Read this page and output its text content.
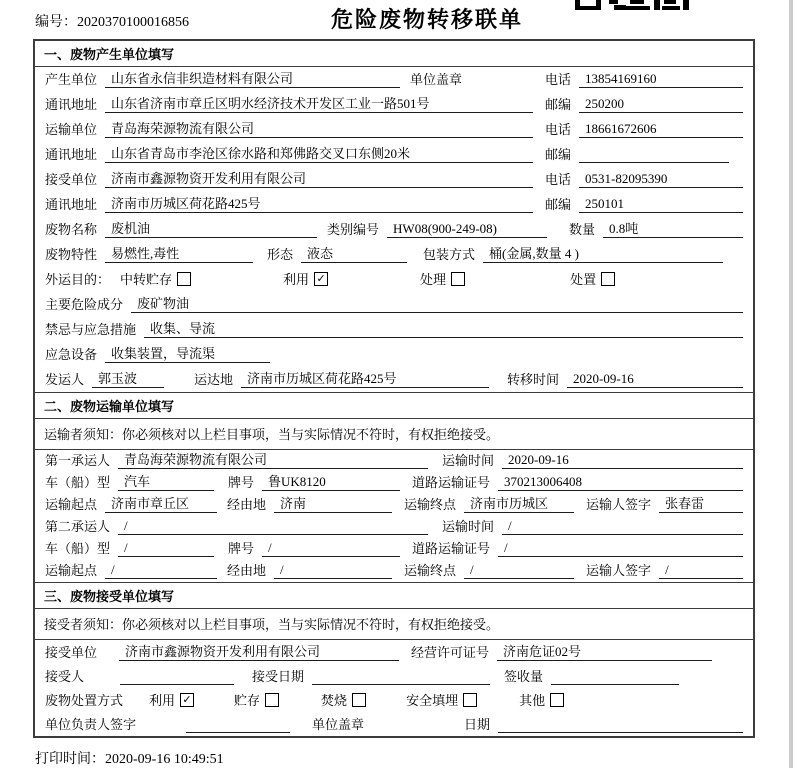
编号：2020370100016856	危险废物转移联单
一、废物产生单位填写
产生单位	山东省永信非织造材料有限公司	单位盖章	电话	13854169160
通讯地址	山东省济南市章丘区明水经济技术开发区工业一路501号	邮编	250200
运输单位	青岛海荣源物流有限公司	电话	18661672606
通讯地址	山东省青岛市李沧区徐水路和郑佛路交叉口东侧20米	邮编
接受单位	济南市鑫源物资开发利用有限公司	电话	0531-82095390
通讯地址	济南市历城区荷花路425号	邮编	250101
废物名称	废机油	类别编号	HW08(900-249-08)	数量	0.8吨
废物特性	易燃性,毒性	形态	液态	包装方式	桶(金属,数量 4 )
外运目的： 中转贮存	利用 ✓	处理	处置
主要危险成分	废矿物油
禁忌与应急措施	收集、导流
应急设备	收集装置，导流渠
发运人	郭玉波	运达地	济南市历城区荷花路425号	转移时间	2020-09-16
二、废物运输单位填写
运输者须知：你必须核对以上栏目事项，当与实际情况不符时，有权拒绝接受。
第一承运人	青岛海荣源物流有限公司	运输时间	2020-09-16
车（船）型	汽车	牌号	鲁UK8120	道路运输证号	370213006408
运输起点	济南市章丘区	经由地	济南	运输终点	济南市历城区	运输人签字	张春雷
第二承运人	/	运输时间	/
车（船）型	/	牌号	/	道路运输证号	/
运输起点	/	经由地	/	运输终点	/	运输人签字	/
三、废物接受单位填写
接受者须知：你必须核对以上栏目事项，当与实际情况不符时，有权拒绝接受。
接受单位	济南市鑫源物资开发利用有限公司	经营许可证号	济南危证02号
接受人	接受日期	签收量
废物处置方式 利用 ✓	贮存	焚烧	安全填埋	其他
单位负责人签字	单位盖章	日期
打印时间：2020-09-16 10:49:51
